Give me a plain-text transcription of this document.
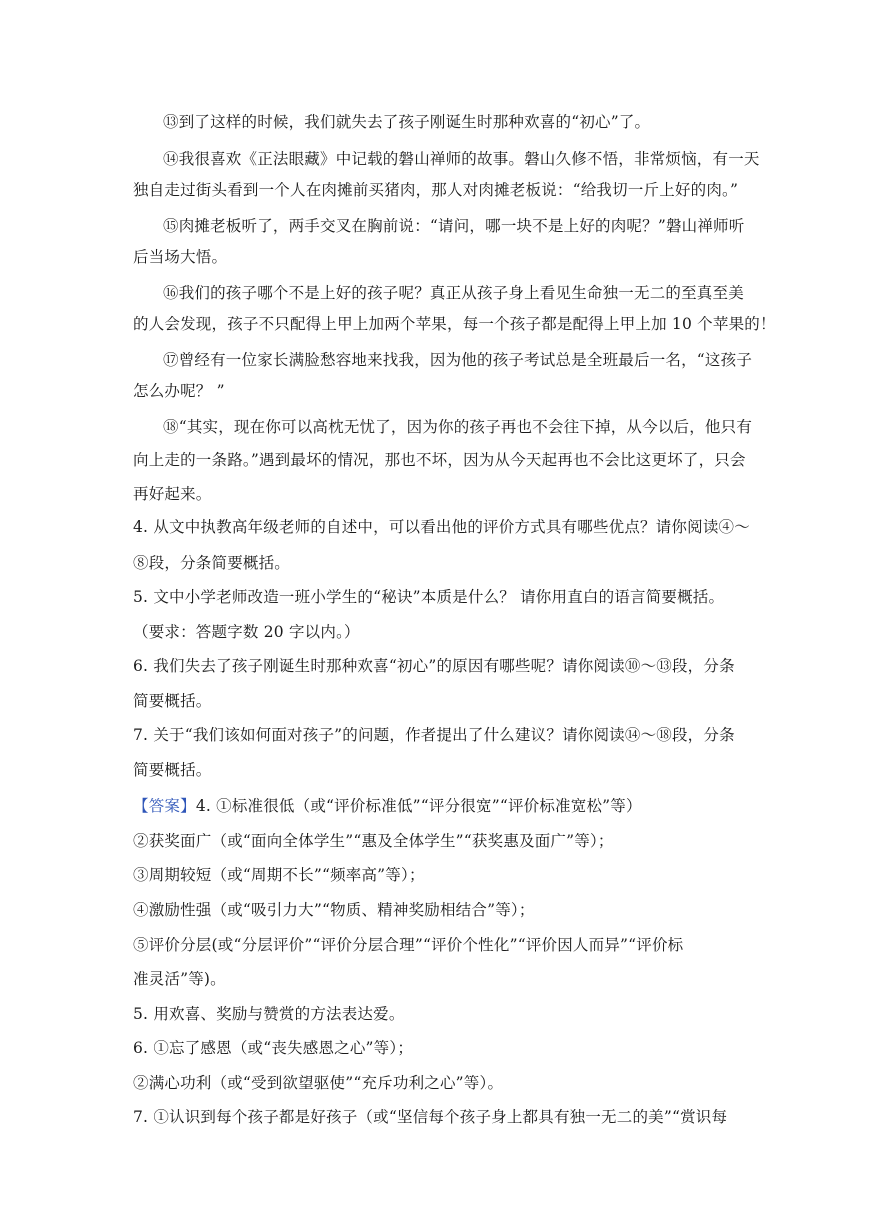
⑬到了这样的时候，我们就失去了孩子刚诞生时那种欢喜的“初心”了。
⑭我很喜欢《正法眼藏》中记载的磐山禅师的故事。磐山久修不悟，非常烦恼，有一天
独自走过街头看到一个人在肉摊前买猪肉，那人对肉摊老板说：“给我切一斤上好的肉。”
⑮肉摊老板听了，两手交叉在胸前说：“请问，哪一块不是上好的肉呢？”磐山禅师听
后当场大悟。
⑯我们的孩子哪个不是上好的孩子呢？真正从孩子身上看见生命独一无二的至真至美
的人会发现，孩子不只配得上甲上加两个苹果，每一个孩子都是配得上甲上加 10 个苹果的！
⑰曾经有一位家长满脸愁容地来找我，因为他的孩子考试总是全班最后一名，“这孩子
怎么办呢？ ”
⑱“其实，现在你可以高枕无忧了，因为你的孩子再也不会往下掉，从今以后，他只有
向上走的一条路。”遇到最坏的情况，那也不坏，因为从今天起再也不会比这更坏了，只会
再好起来。
4. 从文中执教高年级老师的自述中，可以看出他的评价方式具有哪些优点？请你阅读④～
⑧段，分条简要概括。
5. 文中小学老师改造一班小学生的“秘诀”本质是什么？ 请你用直白的语言简要概括。
（要求：答题字数 20 字以内。）
6. 我们失去了孩子刚诞生时那种欢喜“初心”的原因有哪些呢？请你阅读⑩～⑬段，分条
简要概括。
7. 关于“我们该如何面对孩子”的问题，作者提出了什么建议？请你阅读⑭～⑱段，分条
简要概括。
【答案】4. ①标准很低（或“评价标准低”“评分很宽”“评价标准宽松”等）
②获奖面广（或“面向全体学生”“惠及全体学生”“获奖惠及面广”等）；
③周期较短（或“周期不长”“频率高”等）；
④激励性强（或“吸引力大”“物质、精神奖励相结合”等）；
⑤评价分层(或“分层评价”“评价分层合理”“评价个性化”“评价因人而异”“评价标
准灵活”等)。
5. 用欢喜、奖励与赞赏的方法表达爱。
6. ①忘了感恩（或“丧失感恩之心”等）；
②满心功利（或“受到欲望驱使”“充斥功利之心”等）。
7. ①认识到每个孩子都是好孩子（或“坚信每个孩子身上都具有独一无二的美”“赏识每
